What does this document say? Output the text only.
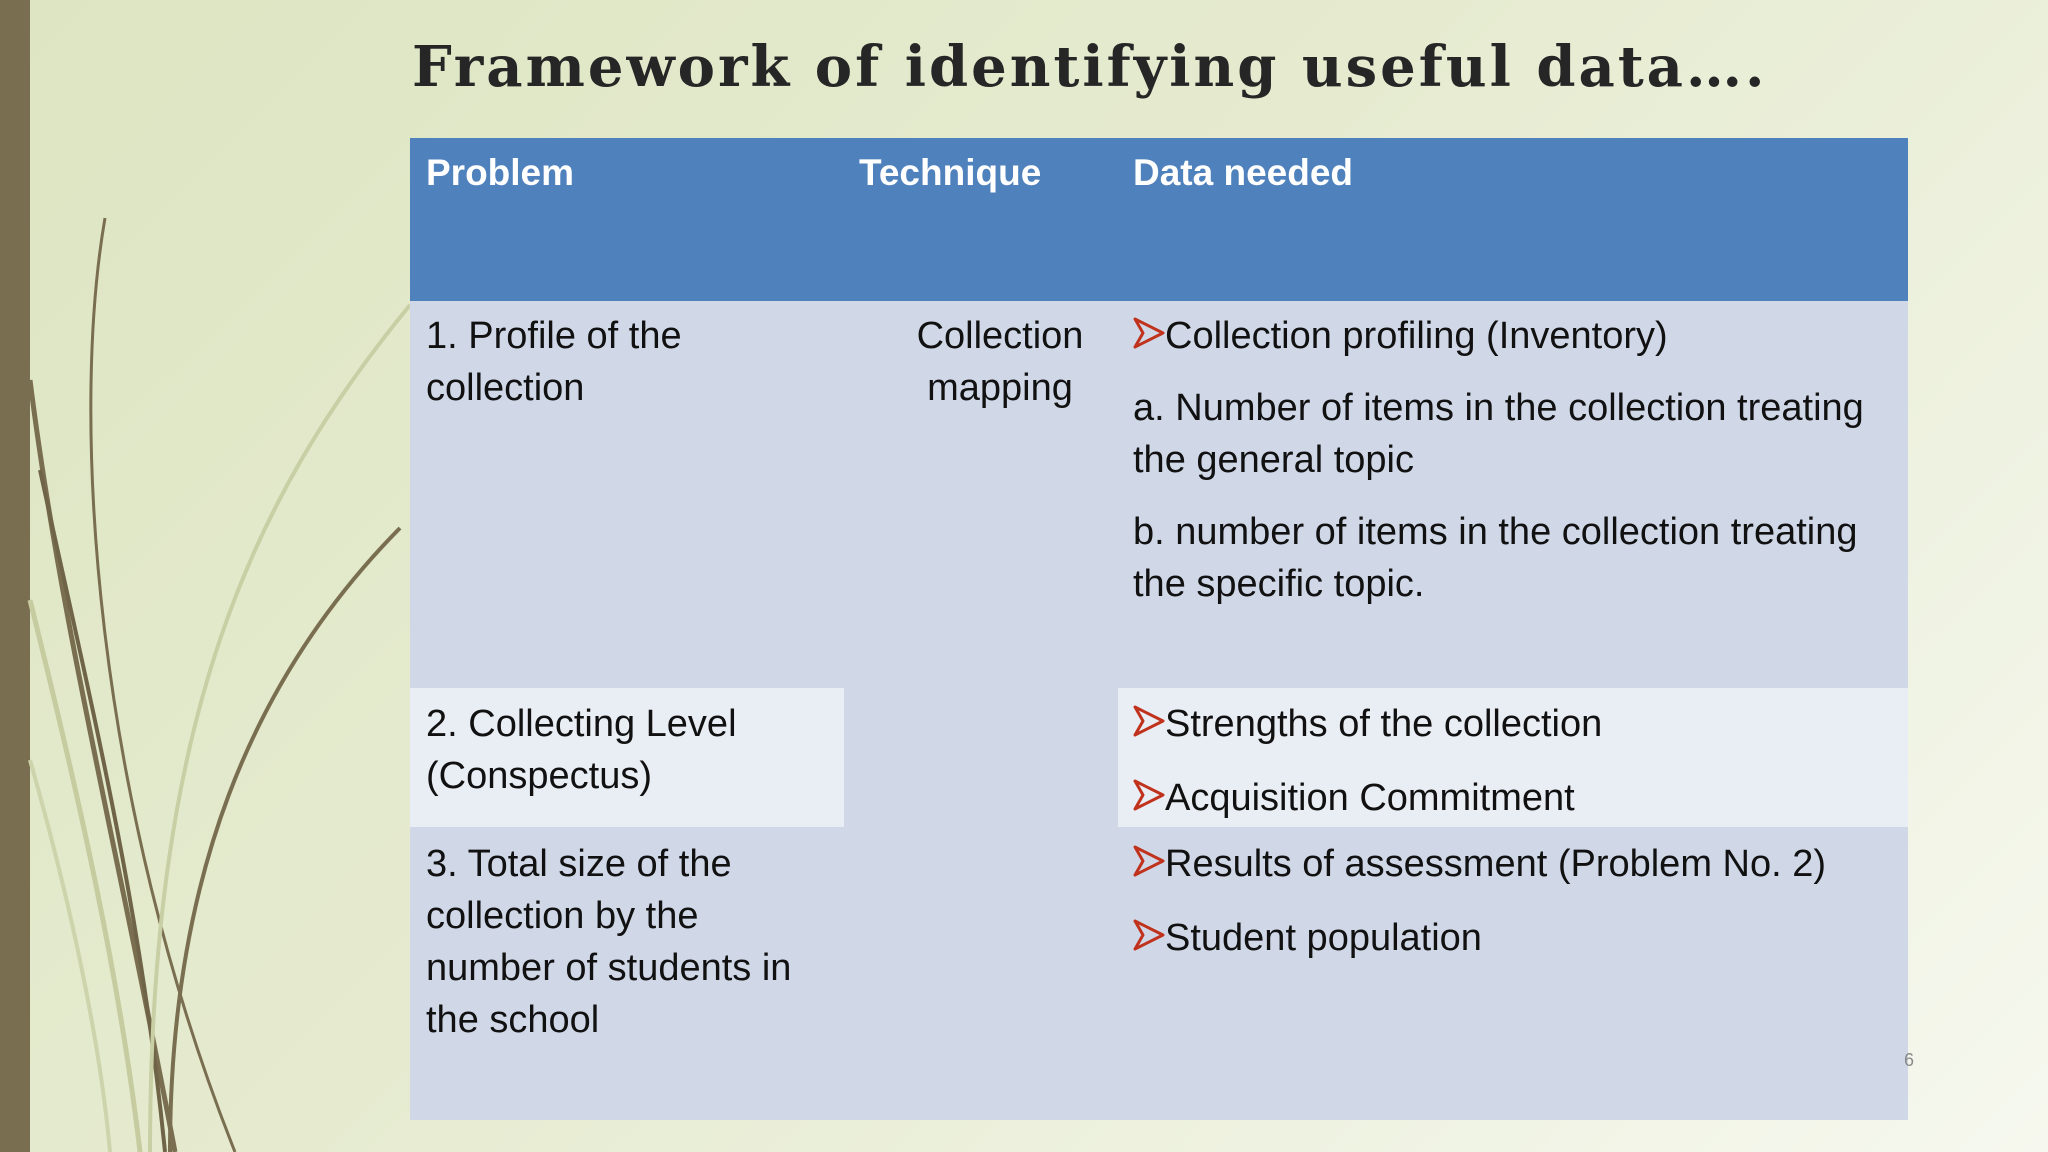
Framework of identifying useful data….
Problem	Technique Data needed
1. Profile of the collection
Collection mapping
Collection profiling (Inventory)

a. Number of items in the collection treating the general topic

b. number of items in the collection treating the specific topic.

2. Collecting Level (Conspectus)
Strengths of the collection
Acquisition Commitment
3. Total size of the collection by the number of students in the school
Results of assessment (Problem No. 2)
Student population
6
